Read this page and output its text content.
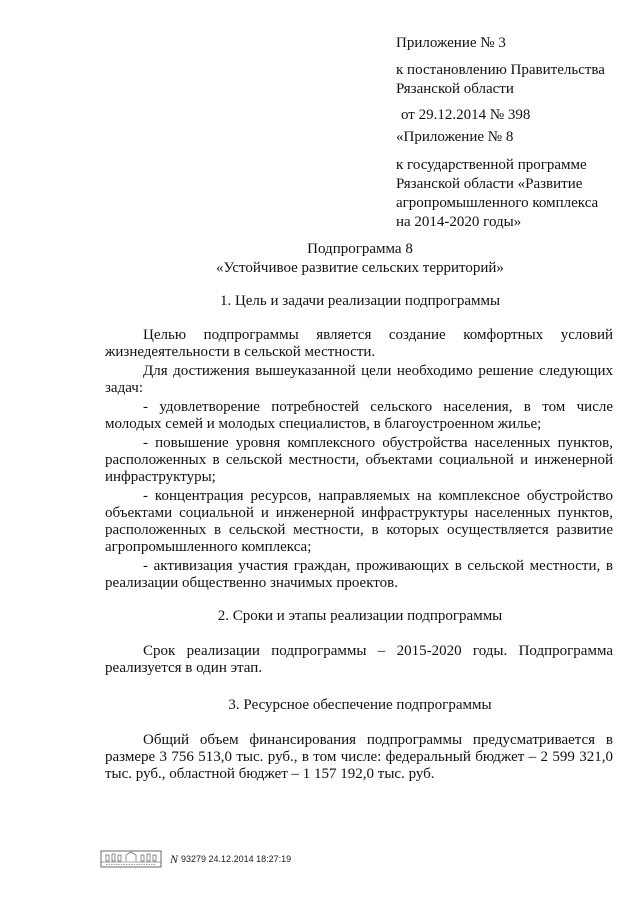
Приложение № 3
к постановлению Правительства
Рязанской области
от 29.12.2014 № 398
«Приложение № 8
к государственной программе
Рязанской области «Развитие
агропромышленного комплекса
на 2014-2020 годы»
Подпрограмма 8
«Устойчивое развитие сельских территорий»
1. Цель и задачи реализации подпрограммы

Целью подпрограммы является создание комфортных условий жизнедеятельности в сельской местности.

Для достижения вышеуказанной цели необходимо решение следующих задач:

- удовлетворение потребностей сельского населения, в том числе молодых семей и молодых специалистов, в благоустроенном жилье;

- повышение уровня комплексного обустройства населенных пунктов, расположенных в сельской местности, объектами социальной и инженерной инфраструктуры;

- концентрация ресурсов, направляемых на комплексное обустройство объектами социальной и инженерной инфраструктуры населенных пунктов, расположенных в сельской местности, в которых осуществляется развитие агропромышленного комплекса;

- активизация участия граждан, проживающих в сельской местности, в реализации общественно значимых проектов.

2. Сроки и этапы реализации подпрограммы

Срок реализации подпрограммы – 2015-2020 годы. Подпрограмма реализуется в один этап.

3. Ресурсное обеспечение подпрограммы

Общий объем финансирования подпрограммы предусматривается в размере 3 756 513,0 тыс. руб., в том числе: федеральный бюджет – 2 599 321,0 тыс. руб., областной бюджет – 1 157 192,0 тыс. руб.

N 93279 24.12.2014 18:27:19
